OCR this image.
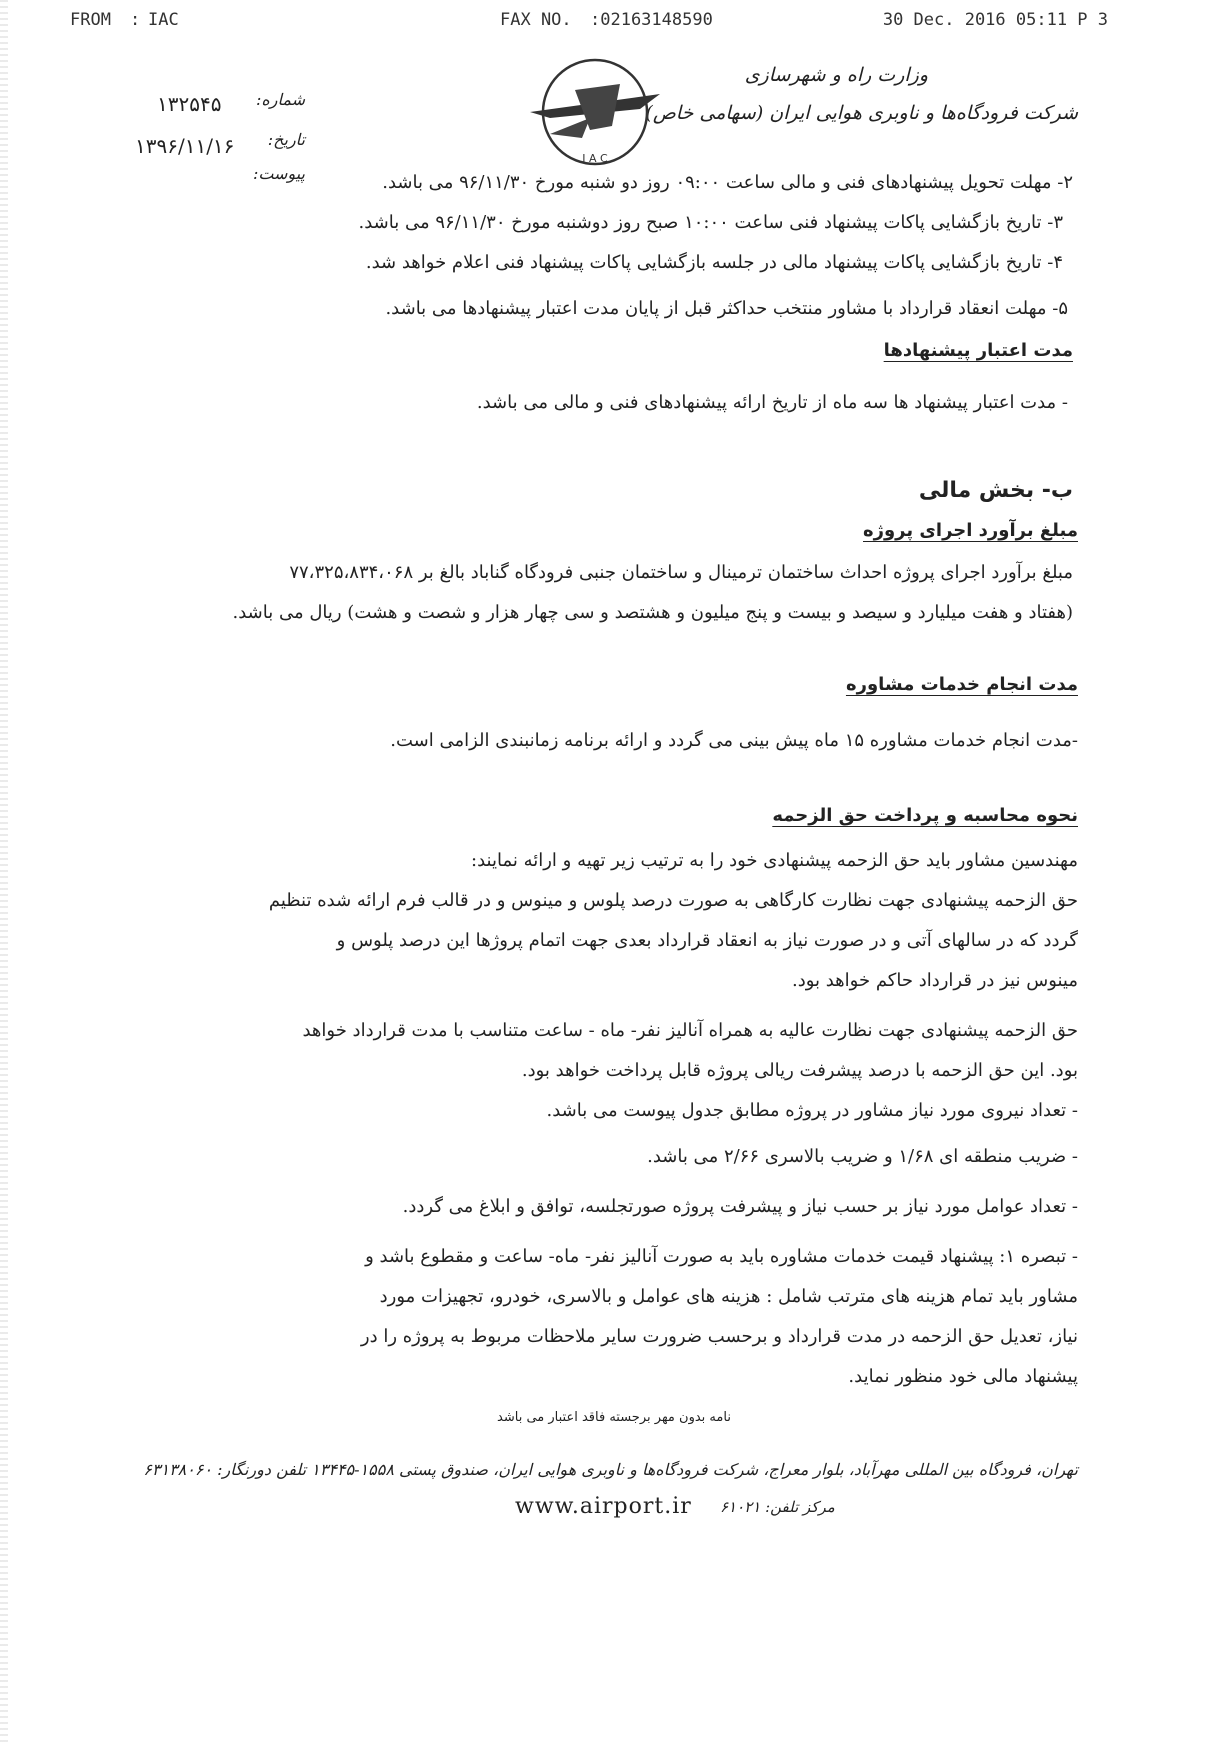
FROM : IAC	FAX NO. :02163148590	30 Dec. 2016 05:11 P 3
وزارت راه و شهرسازی
شرکت فرودگاه‌ها و ناوبری هوایی ایران (سهامی خاص)
I A C
۱۳۲۵۴۵ شماره:
۱۳۹۶/۱۱/۱۶ تاریخ:
پیوست:	۲- مهلت تحویل پیشنهادهای فنی و مالی ساعت ۰۹:۰۰ روز دو شنبه مورخ ۹۶/۱۱/۳۰ می باشد.
۳- تاریخ بازگشایی پاکات پیشنهاد فنی ساعت ۱۰:۰۰ صبح روز دوشنبه مورخ ۹۶/۱۱/۳۰ می باشد.
۴- تاریخ بازگشایی پاکات پیشنهاد مالی در جلسه بازگشایی پاکات پیشنهاد فنی اعلام خواهد شد.
۵- مهلت انعقاد قرارداد با مشاور منتخب حداکثر قبل از پایان مدت اعتبار پیشنهادها می باشد.
مدت اعتبار پیشنهادها
- مدت اعتبار پیشنهاد ها سه ماه از تاریخ ارائه پیشنهادهای فنی و مالی می باشد.
ب- بخش مالی
مبلغ برآورد اجرای پروژه
مبلغ برآورد اجرای پروژه احداث ساختمان ترمینال و ساختمان جنبی فرودگاه گناباد بالغ بر ۷۷،۳۲۵،۸۳۴،۰۶۸
(هفتاد و هفت میلیارد و سیصد و بیست و پنج میلیون و هشتصد و سی چهار هزار و شصت و هشت) ریال می باشد.
مدت انجام خدمات مشاوره
-مدت انجام خدمات مشاوره ۱۵ ماه پیش بینی می گردد و ارائه برنامه زمانبندی الزامی است.
نحوه محاسبه و پرداخت حق الزحمه
مهندسین مشاور باید حق الزحمه پیشنهادی خود را به ترتیب زیر تهیه و ارائه نمایند:
حق الزحمه پیشنهادی جهت نظارت کارگاهی به صورت درصد پلوس و مینوس و در قالب فرم ارائه شده تنظیم
گردد که در سالهای آتی و در صورت نیاز به انعقاد قرارداد بعدی جهت اتمام پروژها این درصد پلوس و
مینوس نیز در قرارداد حاکم خواهد بود.
حق الزحمه پیشنهادی جهت نظارت عالیه به همراه آنالیز نفر- ماه - ساعت متناسب با مدت قرارداد خواهد
بود. این حق الزحمه با درصد پیشرفت ریالی پروژه قابل پرداخت خواهد بود.
- تعداد نیروی مورد نیاز مشاور در پروژه مطابق جدول پیوست می باشد.
- ضریب منطقه ای ۱/۶۸ و ضریب بالاسری ۲/۶۶ می باشد.
- تعداد عوامل مورد نیاز بر حسب نیاز و پیشرفت پروژه صورتجلسه، توافق و ابلاغ می گردد.
- تبصره ۱: پیشنهاد قیمت خدمات مشاوره باید به صورت آنالیز نفر- ماه- ساعت و مقطوع باشد و
مشاور باید تمام هزینه های مترتب شامل : هزینه های عوامل و بالاسری، خودرو، تجهیزات مورد
نیاز، تعدیل حق الزحمه در مدت قرارداد و برحسب ضرورت سایر ملاحظات مربوط به پروژه را در
پیشنهاد مالی خود منظور نماید.
نامه بدون مهر برجسته فاقد اعتبار می باشد
تهران، فرودگاه بین المللی مهرآباد، بلوار معراج، شرکت فرودگاه‌ها و ناوبری هوایی ایران، صندوق پستی ۱۵۵۸-۱۳۴۴۵ تلفن دورنگار: ۶۳۱۳۸۰۶۰
www.airport.ir مرکز تلفن: ۶۱۰۲۱
